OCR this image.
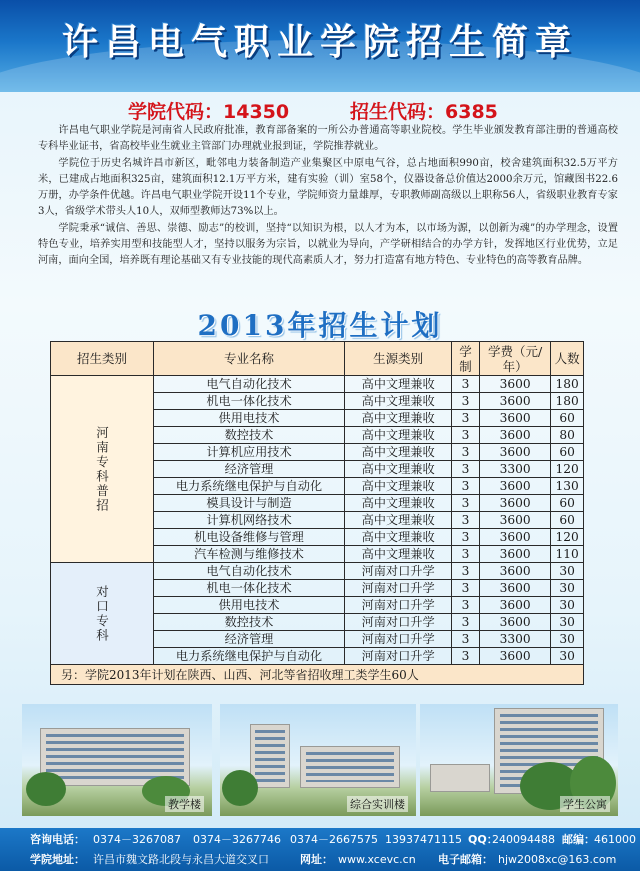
许昌电气职业学院招生简章
学院代码：14350	招生代码：6385

许昌电气职业学院是河南省人民政府批准，教育部备案的一所公办普通高等职业院校。学生毕业颁发教育部注册的普通高校专科毕业证书，省高校毕业生就业主管部门办理就业报到证，学院推荐就业。

学院位于历史名城许昌市新区，毗邻电力装备制造产业集聚区中原电气谷，总占地面积990亩，校舍建筑面积32.5万平方米，已建成占地面积325亩，建筑面积12.1万平方米，建有实验（训）室58个，仪器设备总价值达2000余万元，馆藏图书22.6万册，办学条件优越。许昌电气职业学院开设11个专业，学院师资力量雄厚，专职教师副高级以上职称56人，省级职业教育专家3人，省级学术带头人10人，双师型教师达73%以上。

学院秉承“诚信、善思、崇德、励志”的校训，坚持“以知识为根，以人才为本，以市场为源，以创新为魂”的办学理念，设置特色专业，培养实用型和技能型人才，坚持以服务为宗旨，以就业为导向，产学研相结合的办学方针，发挥地区行业优势，立足河南，面向全国，培养既有理论基础又有专业技能的现代高素质人才，努力打造富有地方特色、专业特色的高等教育品牌。

2013年招生计划
招生类别	专业名称	生源类别	学制	学费（元/年）	人数
河南专科普招	电气自动化技术	高中文理兼收	3	3600	180
	机电一体化技术	高中文理兼收	3	3600	180
	供用电技术	高中文理兼收	3	3600	60
	数控技术	高中文理兼收	3	3600	80
	计算机应用技术	高中文理兼收	3	3600	60
	经济管理	高中文理兼收	3	3300	120
	电力系统继电保护与自动化	高中文理兼收	3	3600	130
	模具设计与制造	高中文理兼收	3	3600	60
	计算机网络技术	高中文理兼收	3	3600	60
	机电设备维修与管理	高中文理兼收	3	3600	120
	汽车检测与维修技术	高中文理兼收	3	3600	110
对口专科	电气自动化技术	河南对口升学	3	3600	30
	机电一体化技术	河南对口升学	3	3600	30
	供用电技术	河南对口升学	3	3600	30
	数控技术	河南对口升学	3	3600	30
	经济管理	河南对口升学	3	3300	30
	电力系统继电保护与自动化	河南对口升学	3	3600	30
另：学院2013年计划在陕西、山西、河北等省招收理工类学生60人
教学楼	综合实训楼	学生公寓
咨询电话： 0374－3267087 0374－3267746 0374－2667575 13937471115 QQ：
240094488 邮编： 461000
学院地址： 许昌市魏文路北段与永昌大道交叉口	网址： www.xcevc.cn 电子邮箱： hjw2008xc@163.com
